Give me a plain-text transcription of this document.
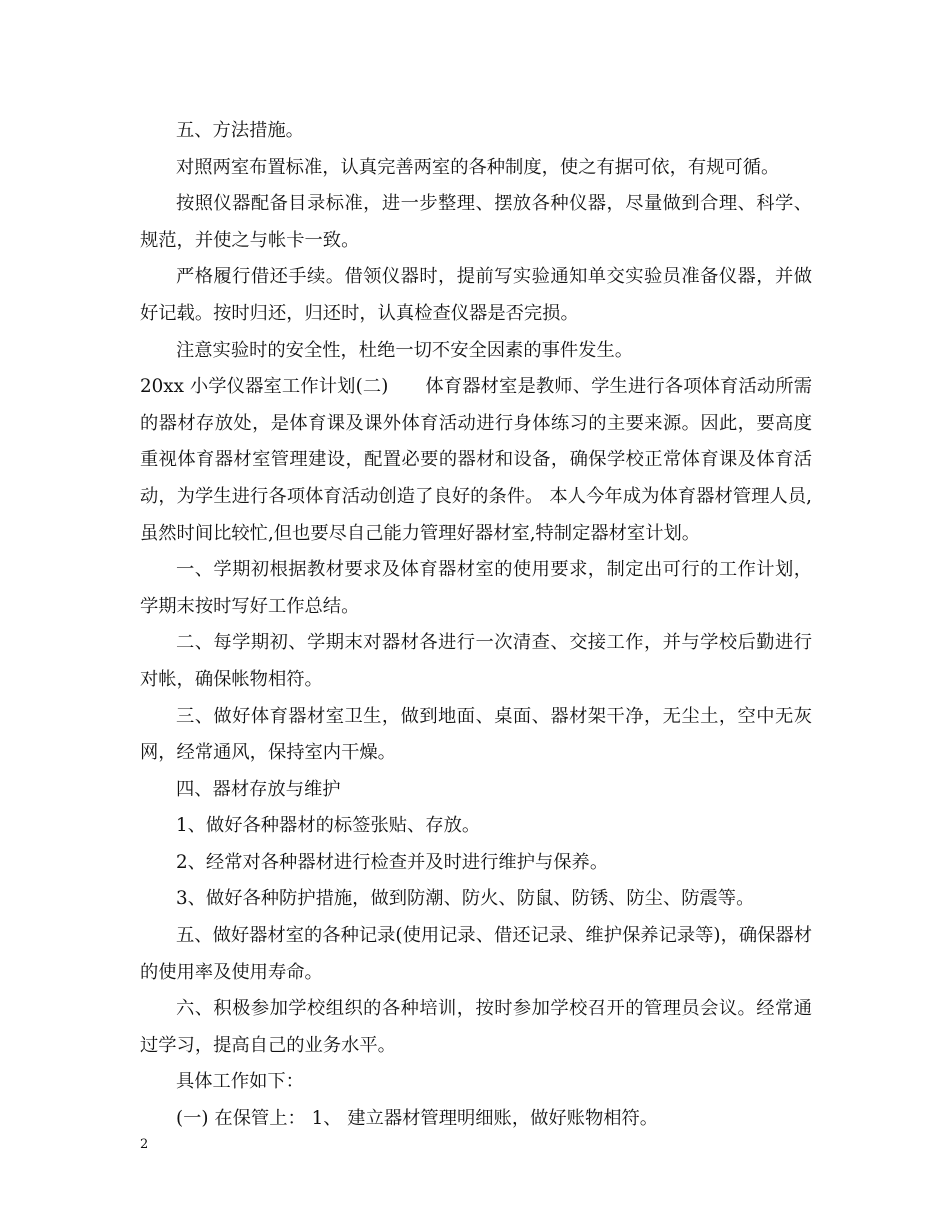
五、方法措施。

对照两室布置标准，认真完善两室的各种制度，使之有据可依，有规可循。

按照仪器配备目录标准，进一步整理、摆放各种仪器，尽量做到合理、科学、规范，并使之与帐卡一致。

严格履行借还手续。借领仪器时，提前写实验通知单交实验员准备仪器，并做好记载。按时归还，归还时，认真检查仪器是否完损。

注意实验时的安全性，杜绝一切不安全因素的事件发生。

20xx 小学仪器室工作计划(二)　　体育器材室是教师、学生进行各项体育活动所需的器材存放处，是体育课及课外体育活动进行身体练习的主要来源。因此，要高度重视体育器材室管理建设，配置必要的器材和设备，确保学校正常体育课及体育活动，为学生进行各项体育活动创造了良好的条件。 本人今年成为体育器材管理人员,虽然时间比较忙,但也要尽自己能力管理好器材室,特制定器材室计划。

一、学期初根据教材要求及体育器材室的使用要求，制定出可行的工作计划，学期末按时写好工作总结。

二、每学期初、学期末对器材各进行一次清查、交接工作，并与学校后勤进行对帐，确保帐物相符。

三、做好体育器材室卫生，做到地面、桌面、器材架干净，无尘土，空中无灰网，经常通风，保持室内干燥。

四、器材存放与维护

1、做好各种器材的标签张贴、存放。

2、经常对各种器材进行检查并及时进行维护与保养。

3、做好各种防护措施，做到防潮、防火、防鼠、防锈、防尘、防震等。

五、做好器材室的各种记录(使用记录、借还记录、维护保养记录等)，确保器材的使用率及使用寿命。

六、积极参加学校组织的各种培训，按时参加学校召开的管理员会议。经常通过学习，提高自己的业务水平。

具体工作如下：

(一) 在保管上： 1、 建立器材管理明细账，做好账物相符。

2
